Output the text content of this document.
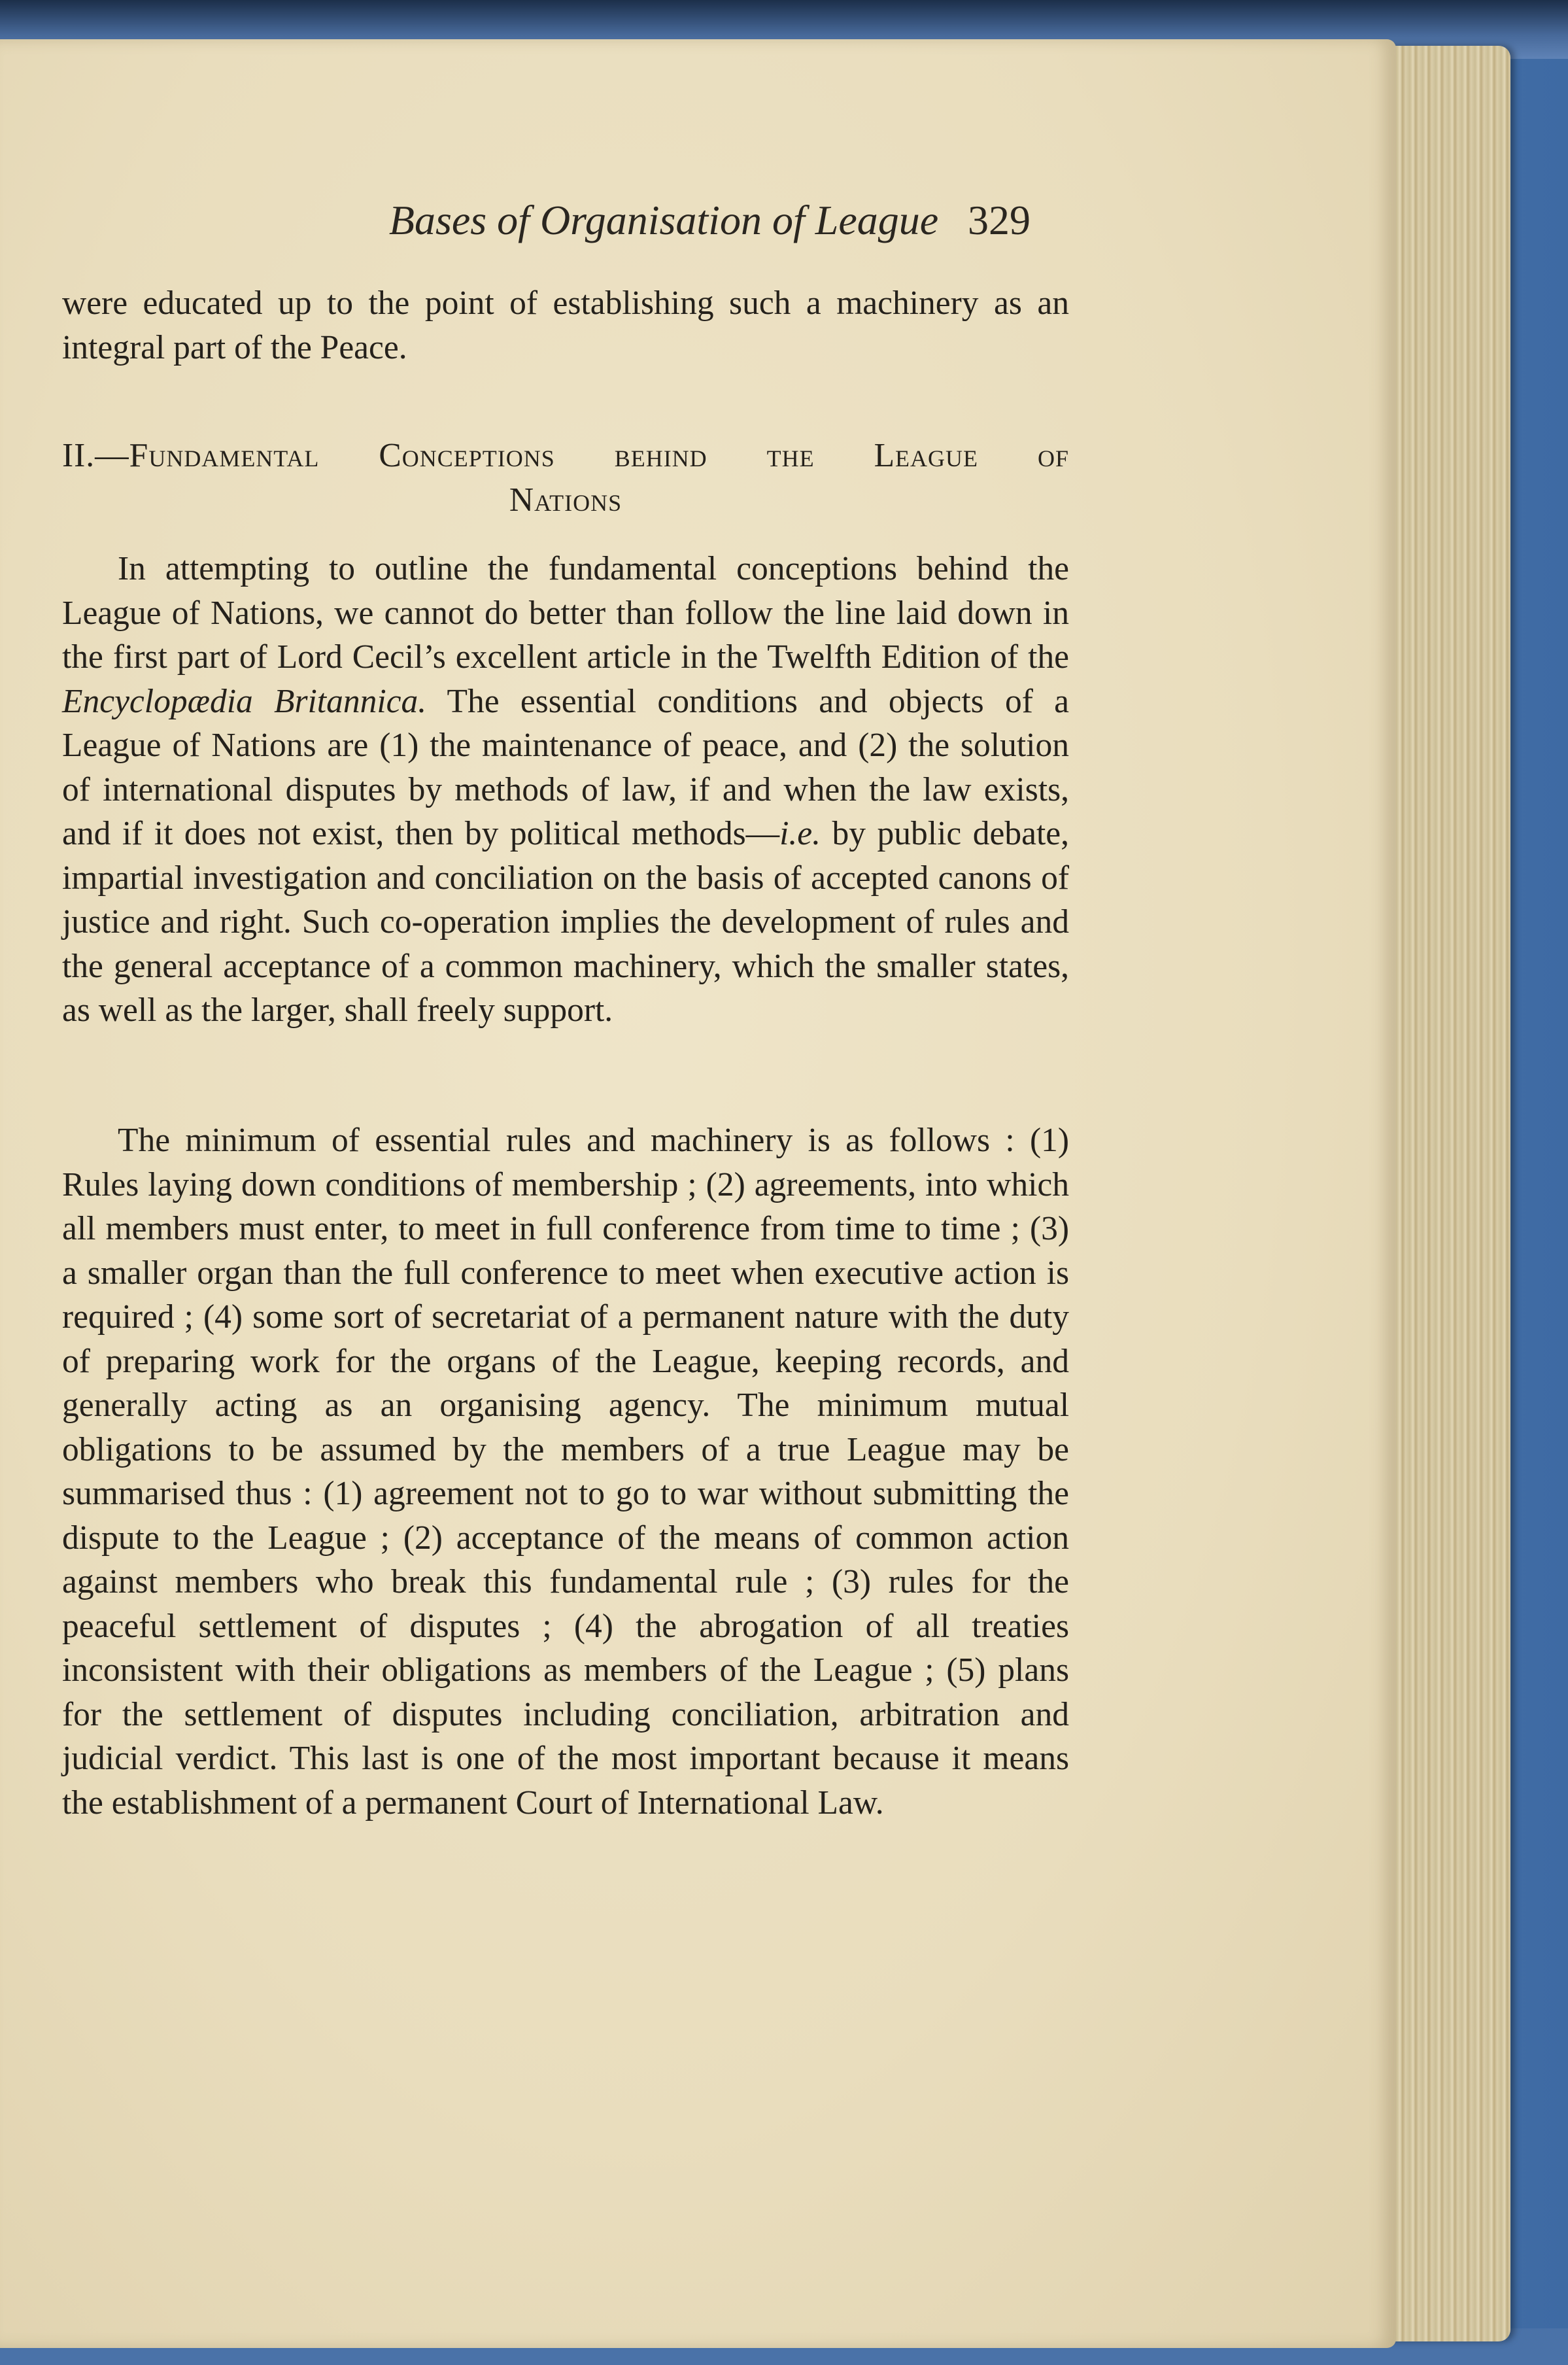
Bases of Organisation of League 329

were educated up to the point of establishing such a machinery as an integral part of the Peace.

II.—Fundamental Conceptions behind the League of
Nations

In attempting to outline the fundamental conceptions behind the League of Nations, we cannot do better than follow the line laid down in the first part of Lord Cecil’s excellent article in the Twelfth Edition of the Encyclopædia Britannica. The essential conditions and objects of a League of Nations are (1) the maintenance of peace, and (2) the solution of international disputes by methods of law, if and when the law exists, and if it does not exist, then by political methods—i.e. by public debate, impartial investigation and conciliation on the basis of accepted canons of justice and right. Such co-operation implies the development of rules and the general acceptance of a common machinery, which the smaller states, as well as the larger, shall freely support.

The minimum of essential rules and machinery is as follows : (1) Rules laying down conditions of membership ; (2) agreements, into which all members must enter, to meet in full conference from time to time ; (3) a smaller organ than the full conference to meet when executive action is required ; (4) some sort of secretariat of a permanent nature with the duty of preparing work for the organs of the League, keeping records, and generally acting as an organising agency. The minimum mutual obligations to be assumed by the members of a true League may be summarised thus : (1) agreement not to go to war without submitting the dispute to the League ; (2) acceptance of the means of common action against members who break this fundamental rule ; (3) rules for the peaceful settlement of disputes ; (4) the abrogation of all treaties inconsistent with their obligations as members of the League ; (5) plans for the settlement of disputes including conciliation, arbitration and judicial verdict. This last is one of the most important because it means the establishment of a permanent Court of International Law.
